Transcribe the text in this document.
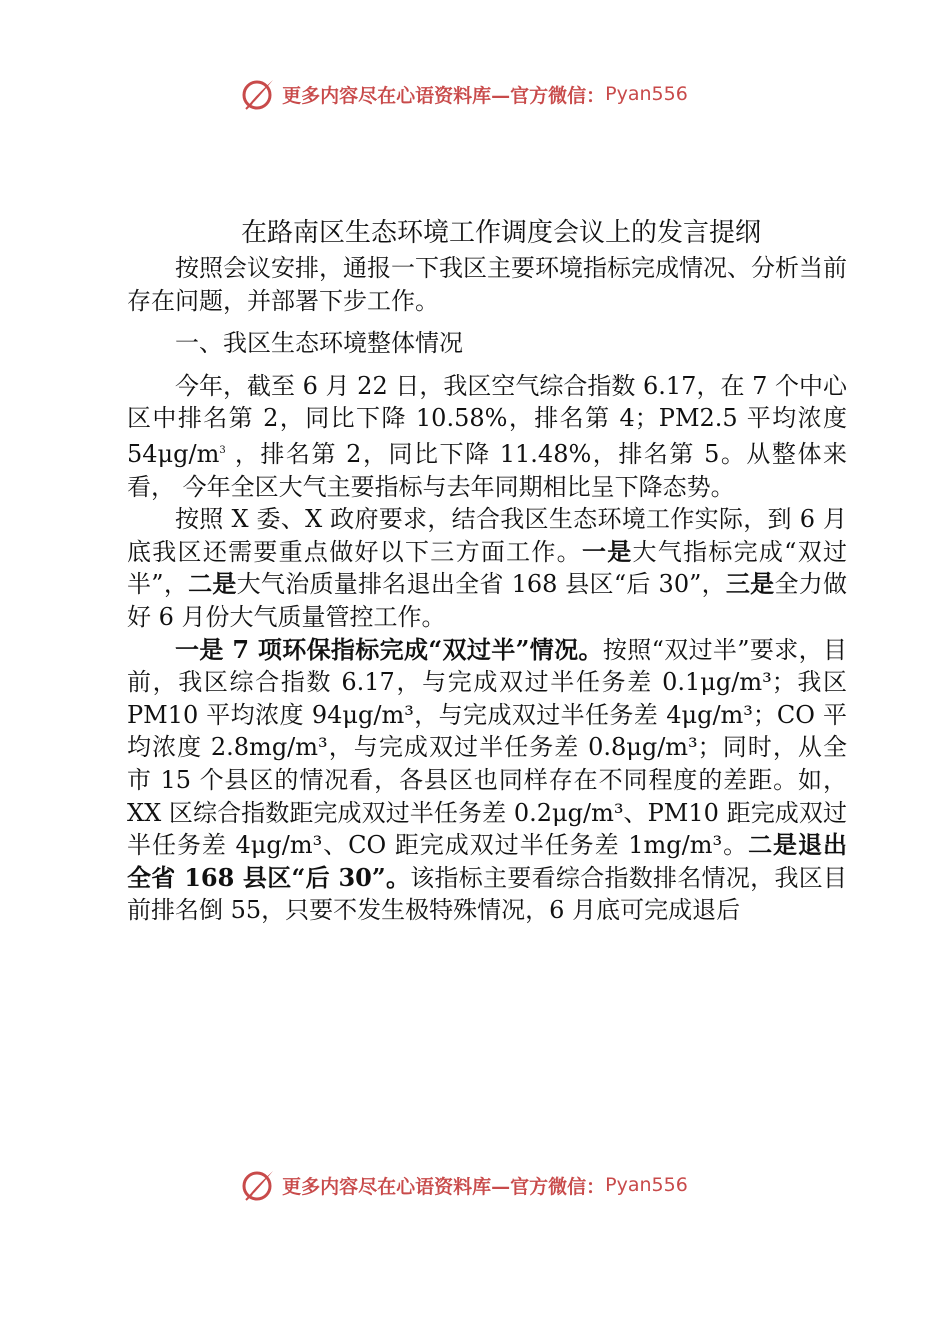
更多内容尽在心语资料库—官方微信： Pyan556
在路南区生态环境工作调度会议上的发言提纲

按照会议安排，通报一下我区主要环境指标完成情况、分析当前存在问题，并部署下步工作。

一、我区生态环境整体情况

今年，截至 6 月 22 日，我区空气综合指数 6.17，在 7 个中心区中排名第 2，同比下降 10.58%，排名第 4；PM2.5 平均浓度 $54\mu g/m^3$ ，排名第 2，同比下降 11.48%，排名第 5。从整体来看， 今年全区大气主要指标与去年同期相比呈下降态势。

按照 X 委、X 政府要求，结合我区生态环境工作实际，到 6 月底我区还需要重点做好以下三方面工作。一是大气指标完成“双过半”，二是大气治质量排名退出全省 168 县区“后 30”，三是全力做好 6 月份大气质量管控工作。

一是 7 项环保指标完成“双过半”情况。按照“双过半”要求，目前，我区综合指数 6.17，与完成双过半任务差 0.1μg/m³；我区 PM10 平均浓度 94μg/m³，与完成双过半任务差 4μg/m³；CO 平均浓度 2.8mg/m³，与完成双过半任务差 0.8μg/m³；同时，从全市 15 个县区的情况看，各县区也同样存在不同程度的差距。如，XX 区综合指数距完成双过半任务差 0.2μg/m³、PM10 距完成双过半任务差 4μg/m³、CO 距完成双过半任务差 1mg/m³。二是退出全省 168 县区“后 30”。该指标主要看综合指数排名情况，我区目前排名倒 55，只要不发生极特殊情况，6 月底可完成退后

更多内容尽在心语资料库—官方微信： Pyan556
